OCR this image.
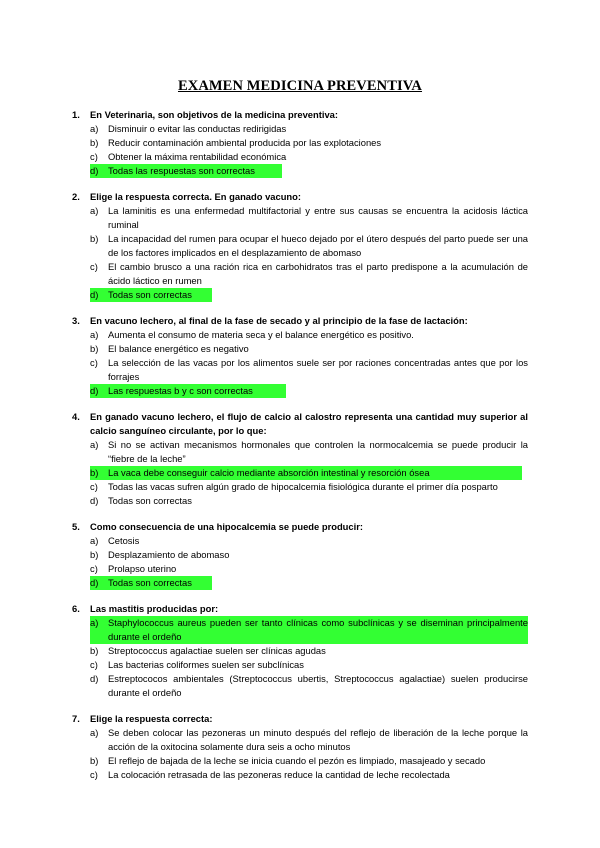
EXAMEN MEDICINA PREVENTIVA
1.	En Veterinaria, son objetivos de la medicina preventiva:
a)	Disminuir o evitar las conductas redirigidas
b)	Reducir contaminación ambiental producida por las explotaciones
c)	Obtener la máxima rentabilidad económica
d)	Todas las respuestas son correctas
2.	Elige la respuesta correcta. En ganado vacuno:
a)	La laminitis es una enfermedad multifactorial y entre sus causas se encuentra la acidosis láctica ruminal
b)	La incapacidad del rumen para ocupar el hueco dejado por el útero después del parto puede ser una de los factores implicados en el desplazamiento de abomaso
c)	El cambio brusco a una ración rica en carbohidratos tras el parto predispone a la acumulación de ácido láctico en rumen
d)	Todas son correctas
3.	En vacuno lechero, al final de la fase de secado y al principio de la fase de lactación:
a)	Aumenta el consumo de materia seca y el balance energético es positivo.
b)	El balance energético es negativo
c)	La selección de las vacas por los alimentos suele ser por raciones concentradas antes que por los forrajes
d)	Las respuestas b y c son correctas
4.	En ganado vacuno lechero, el flujo de calcio al calostro representa una cantidad muy superior al calcio sanguíneo circulante, por lo que:
a)	Si no se activan mecanismos hormonales que controlen la normocalcemia se puede producir la “fiebre de la leche”
b)	La vaca debe conseguir calcio mediante absorción intestinal y resorción ósea
c)	Todas las vacas sufren algún grado de hipocalcemia fisiológica durante el primer día posparto
d)	Todas son correctas
5.	Como consecuencia de una hipocalcemia se puede producir:
a)	Cetosis
b)	Desplazamiento de abomaso
c)	Prolapso uterino
d)	Todas son correctas
6.	Las mastitis producidas por:
a)	Staphylococcus aureus pueden ser tanto clínicas como subclínicas y se diseminan principalmente durante el ordeño
b)	Streptococcus agalactiae suelen ser clínicas agudas
c)	Las bacterias coliformes suelen ser subclínicas
d)	Estreptococos ambientales (Streptococcus ubertis, Streptococcus agalactiae) suelen producirse durante el ordeño
7.	Elige la respuesta correcta:
a)	Se deben colocar las pezoneras un minuto después del reflejo de liberación de la leche porque la acción de la oxitocina solamente dura seis a ocho minutos
b)	El reflejo de bajada de la leche se inicia cuando el pezón es limpiado, masajeado y secado
c)	La colocación retrasada de las pezoneras reduce la cantidad de leche recolectada
